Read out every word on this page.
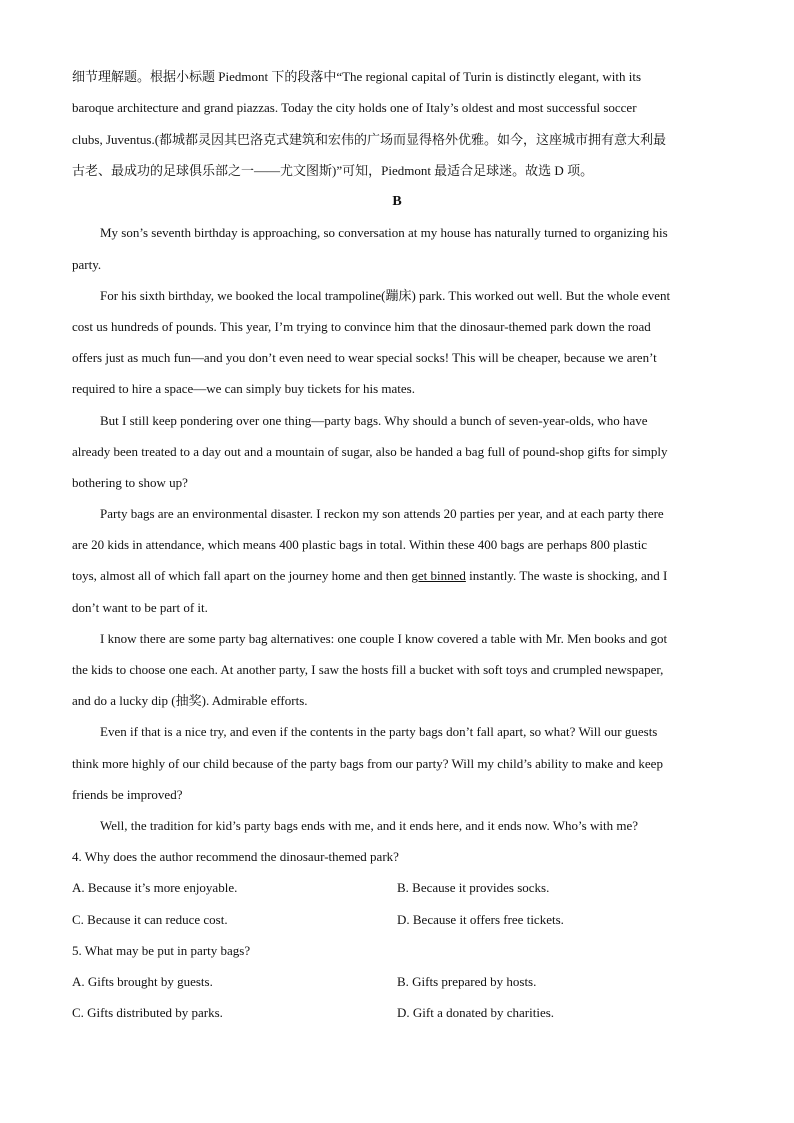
细节理解题。根据小标题 Piedmont 下的段落中“The regional capital of Turin is distinctly elegant, with its
baroque architecture and grand piazzas. Today the city holds one of Italy’s oldest and most successful soccer
clubs, Juventus.(都城都灵因其巴洛克式建筑和宏伟的广场而显得格外优雅。如今，这座城市拥有意大利最
古老、最成功的足球俱乐部之一——尤文图斯)”可知，Piedmont 最适合足球迷。故选 D 项。
B
My son’s seventh birthday is approaching, so conversation at my house has naturally turned to organizing his
party.
For his sixth birthday, we booked the local trampoline(蹦床) park. This worked out well. But the whole event
cost us hundreds of pounds. This year, I’m trying to convince him that the dinosaur-themed park down the road
offers just as much fun—and you don’t even need to wear special socks! This will be cheaper, because we aren’t
required to hire a space—we can simply buy tickets for his mates.
But I still keep pondering over one thing—party bags. Why should a bunch of seven-year-olds, who have
already been treated to a day out and a mountain of sugar, also be handed a bag full of pound-shop gifts for simply
bothering to show up?
Party bags are an environmental disaster. I reckon my son attends 20 parties per year, and at each party there
are 20 kids in attendance, which means 400 plastic bags in total. Within these 400 bags are perhaps 800 plastic
toys, almost all of which fall apart on the journey home and then get binned instantly. The waste is shocking, and I
don’t want to be part of it.
I know there are some party bag alternatives: one couple I know covered a table with Mr. Men books and got
the kids to choose one each. At another party, I saw the hosts fill a bucket with soft toys and crumpled newspaper,
and do a lucky dip (抽奖). Admirable efforts.
Even if that is a nice try, and even if the contents in the party bags don’t fall apart, so what? Will our guests
think more highly of our child because of the party bags from our party? Will my child’s ability to make and keep
friends be improved?
Well, the tradition for kid’s party bags ends with me, and it ends here, and it ends now. Who’s with me?
4. Why does the author recommend the dinosaur-themed park?
A. Because it’s more enjoyable.	B. Because it provides socks.
C. Because it can reduce cost.	D. Because it offers free tickets.
5. What may be put in party bags?
A. Gifts brought by guests.	B. Gifts prepared by hosts.
C. Gifts distributed by parks.	D. Gift a donated by charities.
